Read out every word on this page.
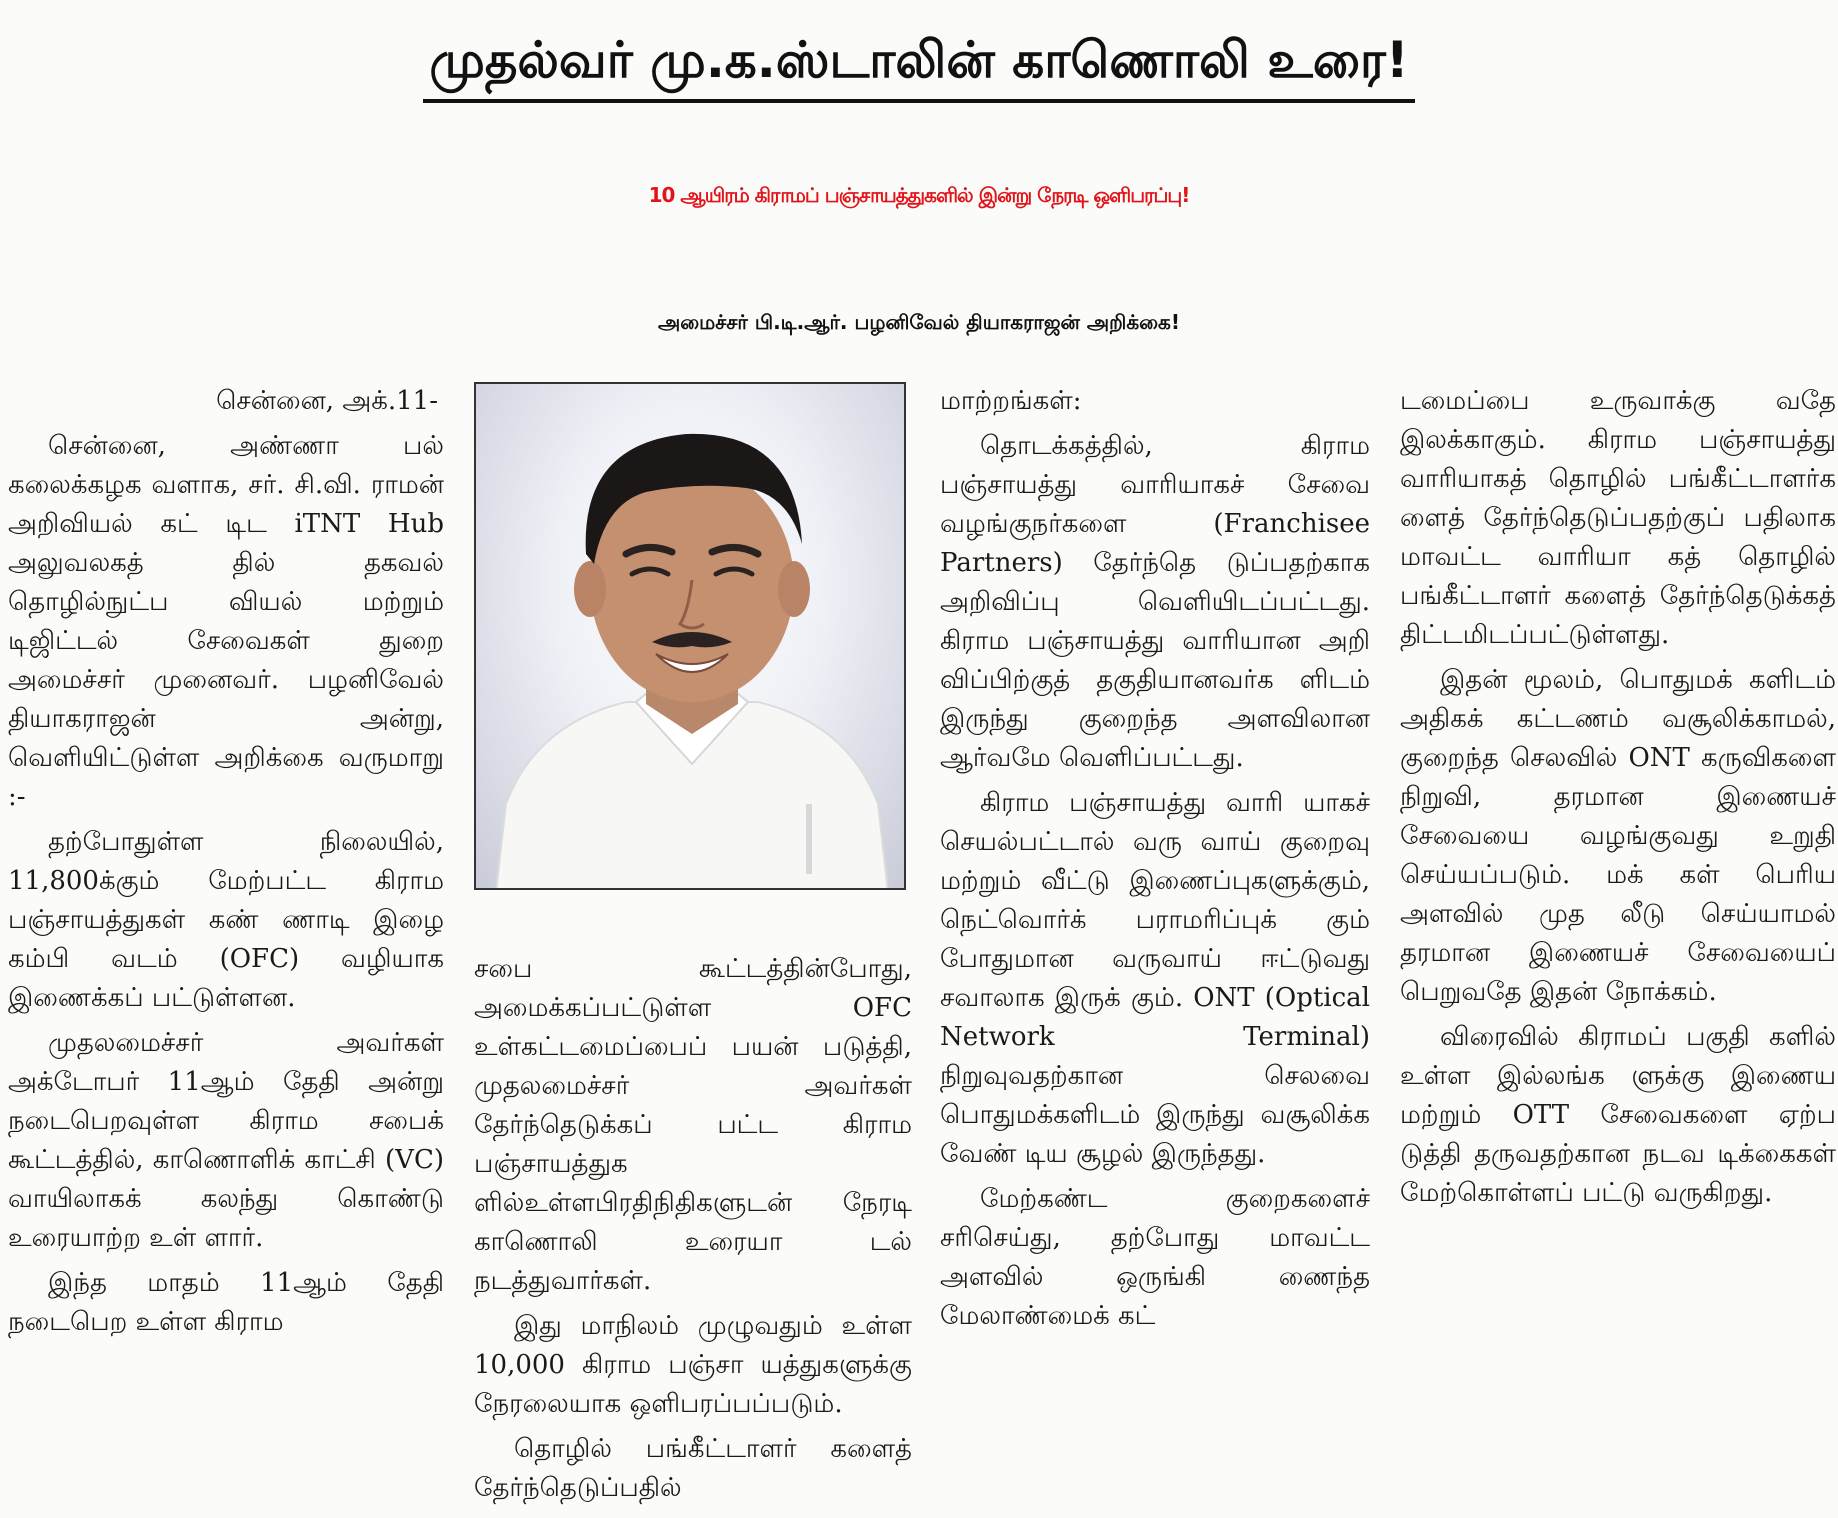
முதல்வர் மு.க.ஸ்டாலின் காணொலி உரை!
10 ஆயிரம் கிராமப் பஞ்சாயத்துகளில் இன்று நேரடி ஒளிபரப்பு!
அமைச்சர் பி.டி.ஆர். பழனிவேல் தியாகராஜன் அறிக்கை!

சென்னை, அக்.11-

சென்னை, அண்ணா பல் கலைக்கழக வளாக, சர். சி.வி. ராமன் அறிவியல் கட் டிட iTNT Hub அலுவலகத் தில் தகவல் தொழில்நுட்ப வியல் மற்றும் டிஜிட்டல் சேவைகள் துறை அமைச்சர் முனைவர். பழனிவேல் தியாகராஜன் அன்று, வெளியிட்டுள்ள அறிக்கை வருமாறு :-

தற்போதுள்ள நிலையில், 11,800க்கும் மேற்பட்ட கிராம பஞ்சாயத்துகள் கண் ணாடி இழை கம்பி வடம் (OFC) வழியாக இணைக்கப் பட்டுள்ளன.

முதலமைச்சர் அவர்கள் அக்டோபர் 11ஆம் தேதி அன்று நடைபெறவுள்ள கிராம சபைக் கூட்டத்தில், காணொளிக் காட்சி (VC) வாயிலாகக் கலந்து கொண்டு உரையாற்ற உள் ளார்.

இந்த மாதம் 11ஆம் தேதி நடைபெற உள்ள கிராம

சபை கூட்டத்தின்போது, அமைக்கப்பட்டுள்ள OFC உள்கட்டமைப்பைப் பயன் படுத்தி, முதலமைச்சர் அவர்கள் தேர்ந்தெடுக்கப் பட்ட கிராம பஞ்சாயத்துக ளில்உள்ளபிரதிநிதிகளுடன் நேரடி காணொலி உரையா டல் நடத்துவார்கள்.

இது மாநிலம் முழுவதும் உள்ள 10,000 கிராம பஞ்சா யத்துகளுக்கு நேரலையாக ஒளிபரப்பப்படும்.

தொழில் பங்கீட்டாளர் களைத் தேர்ந்தெடுப்பதில்

மாற்றங்கள்:

தொடக்கத்தில், கிராம பஞ்சாயத்து வாரியாகச் சேவை வழங்குநர்களை (Franchisee Partners) தேர்ந்தெ டுப்பதற்காக அறிவிப்பு வெளியிடப்பட்டது. கிராம பஞ்சாயத்து வாரியான அறி விப்பிற்குத் தகுதியானவர்க ளிடம் இருந்து குறைந்த அளவிலான ஆர்வமே வெளிப்பட்டது.

கிராம பஞ்சாயத்து வாரி யாகச் செயல்பட்டால் வரு வாய் குறைவு மற்றும் வீட்டு இணைப்புகளுக்கும், நெட்வொர்க் பராமரிப்புக் கும் போதுமான வருவாய் ஈட்டுவது சவாலாக இருக் கும். ONT (Optical Network Terminal) நிறுவுவதற்கான செலவை பொதுமக்களிடம் இருந்து வசூலிக்க வேண் டிய சூழல் இருந்தது.

மேற்கண்ட குறைகளைச் சரிசெய்து, தற்போது மாவட்ட அளவில் ஒருங்கி ணைந்த மேலாண்மைக் கட்

டமைப்பை உருவாக்கு வதே இலக்காகும். கிராம பஞ்சாயத்து வாரியாகத் தொழில் பங்கீட்டாளர்க ளைத் தேர்ந்தெடுப்பதற்குப் பதிலாக மாவட்ட வாரியா கத் தொழில் பங்கீட்டாளர் களைத் தேர்ந்தெடுக்கத் திட்டமிடப்பட்டுள்ளது.

இதன் மூலம், பொதுமக் களிடம் அதிகக் கட்டணம் வசூலிக்காமல், குறைந்த செலவில் ONT கருவிகளை நிறுவி, தரமான இணையச் சேவையை வழங்குவது உறுதி செய்யப்படும். மக் கள் பெரிய அளவில் முத லீடு செய்யாமல் தரமான இணையச் சேவையைப் பெறுவதே இதன் நோக்கம்.

விரைவில் கிராமப் பகுதி களில் உள்ள இல்லங்க ளுக்கு இணைய மற்றும் OTT சேவைகளை ஏற்ப டுத்தி தருவதற்கான நடவ டிக்கைகள் மேற்கொள்ளப் பட்டு வருகிறது.
